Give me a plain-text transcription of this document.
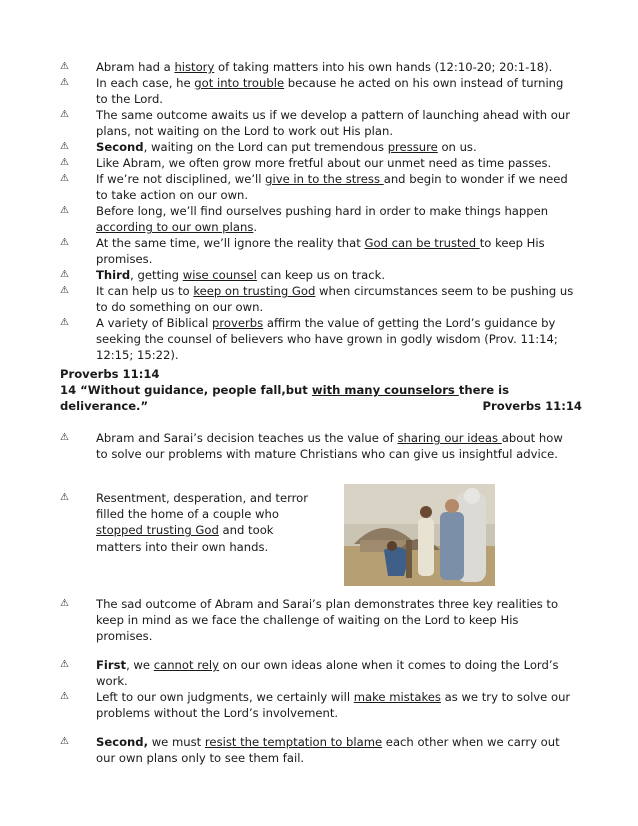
⚠	Abram had a history of taking matters into his own hands (12:10-20; 20:1-18).
⚠	In each case, he got into trouble because he acted on his own instead of turning to the Lord.
⚠	The same outcome awaits us if we develop a pattern of launching ahead with our plans, not waiting on the Lord to work out His plan.
⚠	Second, waiting on the Lord can put tremendous pressure on us.
⚠	Like Abram, we often grow more fretful about our unmet need as time passes.
⚠	If we’re not disciplined, we’ll give in to the stress and begin to wonder if we need to take action on our own.
⚠	Before long, we’ll find ourselves pushing hard in order to make things happen according to our own plans.
⚠	At the same time, we’ll ignore the reality that God can be trusted to keep His promises.
⚠	Third, getting wise counsel can keep us on track.
⚠	It can help us to keep on trusting God when circumstances seem to be pushing us to do something on our own.
⚠	A variety of Biblical proverbs affirm the value of getting the Lord’s guidance by seeking the counsel of believers who have grown in godly wisdom (Prov. 11:14; 12:15; 15:22).
Proverbs 11:14
14 “Without guidance, people fall,but with many counselors there is deliverance.”	Proverbs 11:14
⚠	Abram and Sarai’s decision teaches us the value of sharing our ideas about how to solve our problems with mature Christians who can give us insightful advice.
⚠	Resentment, desperation, and terror filled the home of a couple who stopped trusting God and took matters into their own hands.
⚠	The sad outcome of Abram and Sarai’s plan demonstrates three key realities to keep in mind as we face the challenge of waiting on the Lord to keep His promises.
⚠	First, we cannot rely on our own ideas alone when it comes to doing the Lord’s work.
⚠	Left to our own judgments, we certainly will make mistakes as we try to solve our problems without the Lord’s involvement.
⚠	Second, we must resist the temptation to blame each other when we carry out our own plans only to see them fail.
